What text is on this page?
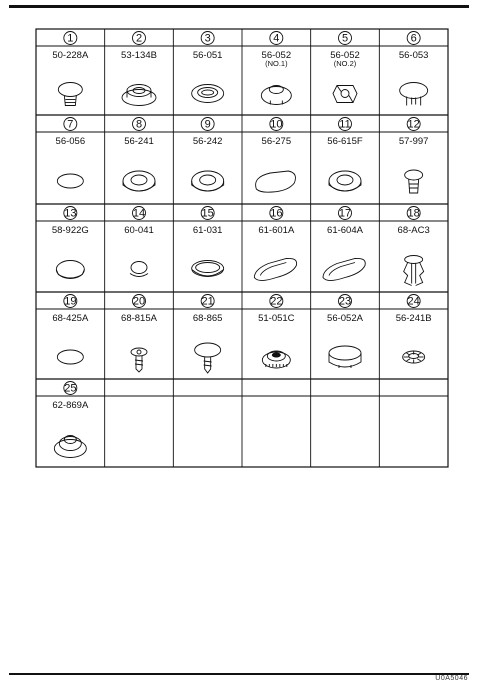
1
50-228A
2
53-134B
3
56-051
4
56-052
(NO.1)
5
56-052
(NO.2)
6
56-053
7
56-056
8
56-241
9
56-242
10
56-275
11
56-615F
12
57-997
13
58-922G
14
60-041
15
61-031
16
61-601A
17
61-604A
18
68-AC3
19
68-425A
20
68-815A
21
68-865
22
51-051C
23
56-052A
24
56-241B
25
62-869A
U0A5046
